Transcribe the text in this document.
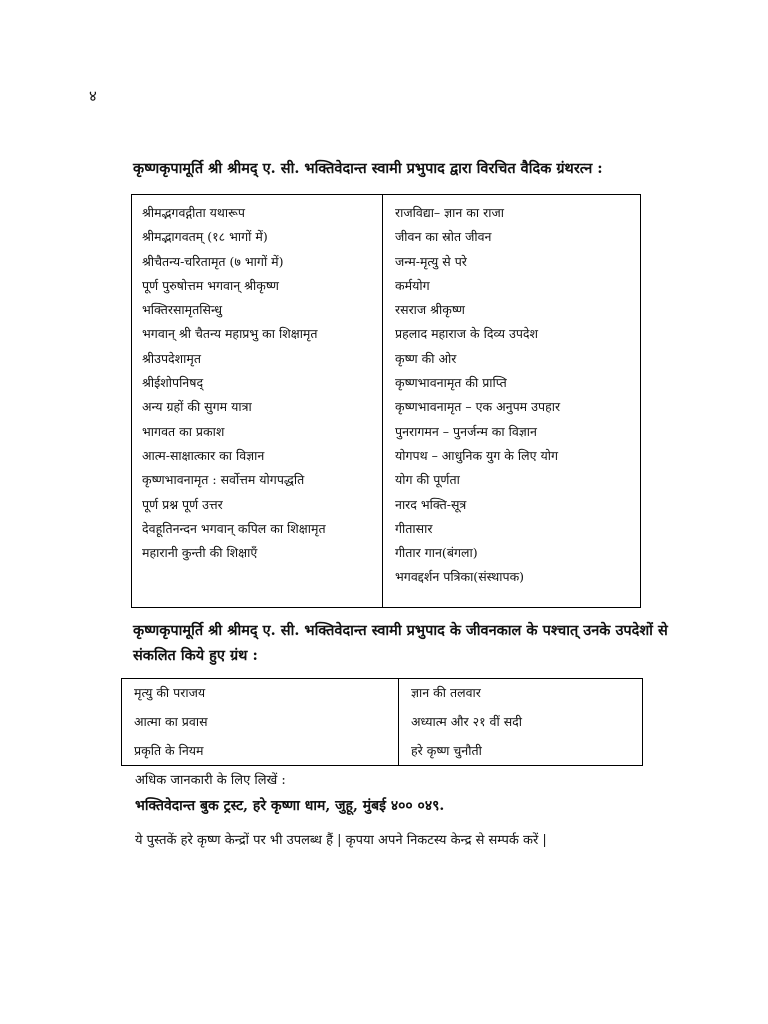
४
कृष्णकृपामूर्ति श्री श्रीमद् ए. सी. भक्तिवेदान्त स्वामी प्रभुपाद द्वारा विरचित वैदिक ग्रंथरत्न :
श्रीमद्भगवद्गीता यथारूप
श्रीमद्भागवतम् (१८ भागों में)
श्रीचैतन्य-चरितामृत (७ भागों में)
पूर्ण पुरुषोत्तम भगवान् श्रीकृष्ण
भक्तिरसामृतसिन्धु
भगवान् श्री चैतन्य महाप्रभु का शिक्षामृत
श्रीउपदेशामृत
श्रीईशोपनिषद्
अन्य ग्रहों की सुगम यात्रा
भागवत का प्रकाश
आत्म-साक्षात्कार का विज्ञान
कृष्णभावनामृत : सर्वोत्तम योगपद्धति
पूर्ण प्रश्न पूर्ण उत्तर
देवहूतिनन्दन भगवान् कपिल का शिक्षामृत
महारानी कुन्ती की शिक्षाएँ
राजविद्या– ज्ञान का राजा
जीवन का स्रोत जीवन
जन्म-मृत्यु से परे
कर्मयोग
रसराज श्रीकृष्ण
प्रहलाद महाराज के दिव्य उपदेश
कृष्ण की ओर
कृष्णभावनामृत की प्राप्ति
कृष्णभावनामृत – एक अनुपम उपहार
पुनरागमन – पुनर्जन्म का विज्ञान
योगपथ – आधुनिक युग के लिए योग
योग की पूर्णता
नारद भक्ति-सूत्र
गीतासार
गीतार गान(बंगला)
भगवद्दर्शन पत्रिका(संस्थापक)
कृष्णकृपामूर्ति श्री श्रीमद् ए. सी. भक्तिवेदान्त स्वामी प्रभुपाद के जीवनकाल के पश्चात् उनके उपदेशों से संकलित किये हुए ग्रंथ :
मृत्यु की पराजय
आत्मा का प्रवास
प्रकृति के नियम
ज्ञान की तलवार
अध्यात्म और २१ वीं सदी
हरे कृष्ण चुनौती
अधिक जानकारी के लिए लिखें :
भक्तिवेदान्त बुक ट्रस्ट, हरे कृष्णा धाम, जुहू, मुंबई ४०० ०४९.
ये पुस्तकें हरे कृष्ण केन्द्रों पर भी उपलब्ध हैं | कृपया अपने निकटस्य केन्द्र से सम्पर्क करें |
